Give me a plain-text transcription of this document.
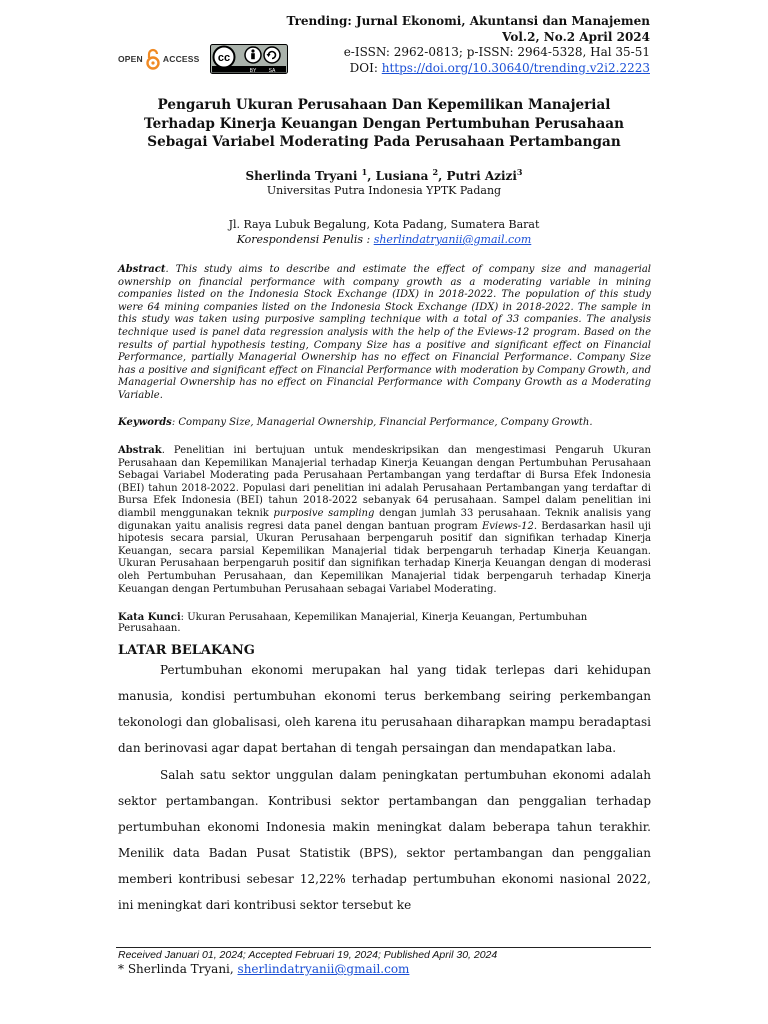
Trending: Jurnal Ekonomi, Akuntansi dan Manajemen
Vol.2, No.2 April 2024
e-ISSN: 2962-0813; p-ISSN: 2964-5328, Hal 35-51
DOI: https://doi.org/10.30640/trending.v2i2.2223
OPEN ACCESS cc
BY SA
Pengaruh Ukuran Perusahaan Dan Kepemilikan Manajerial Terhadap Kinerja Keuangan Dengan Pertumbuhan Perusahaan Sebagai Variabel Moderating Pada Perusahaan Pertambangan
Sherlinda Tryani $^1$, Lusiana $^2$, Putri Azizi$^3$
Universitas Putra Indonesia YPTK Padang
Jl. Raya Lubuk Begalung, Kota Padang, Sumatera Barat
Korespondensi Penulis : sherlindatryanii@gmail.com
Abstract. This study aims to describe and estimate the effect of company size and managerial ownership on financial performance with company growth as a moderating variable in mining companies listed on the Indonesia Stock Exchange (IDX) in 2018-2022. The population of this study were 64 mining companies listed on the Indonesia Stock Exchange (IDX) in 2018-2022. The sample in this study was taken using purposive sampling technique with a total of 33 companies. The analysis technique used is panel data regression analysis with the help of the Eviews-12 program. Based on the results of partial hypothesis testing, Company Size has a positive and significant effect on Financial Performance, partially Managerial Ownership has no effect on Financial Performance. Company Size has a positive and significant effect on Financial Performance with moderation by Company Growth, and Managerial Ownership has no effect on Financial Performance with Company Growth as a Moderating Variable.
Keywords: Company Size, Managerial Ownership, Financial Performance, Company Growth.
Abstrak. Penelitian ini bertujuan untuk mendeskripsikan dan mengestimasi Pengaruh Ukuran Perusahaan dan Kepemilikan Manajerial terhadap Kinerja Keuangan dengan Pertumbuhan Perusahaan Sebagai Variabel Moderating pada Perusahaan Pertambangan yang terdaftar di Bursa Efek Indonesia (BEI) tahun 2018-2022. Populasi dari penelitian ini adalah Perusahaan Pertambangan yang terdaftar di Bursa Efek Indonesia (BEI) tahun 2018-2022 sebanyak 64 perusahaan. Sampel dalam penelitian ini diambil menggunakan teknik purposive sampling dengan jumlah 33 perusahaan. Teknik analisis yang digunakan yaitu analisis regresi data panel dengan bantuan program Eviews-12. Berdasarkan hasil uji hipotesis secara parsial, Ukuran Perusahaan berpengaruh positif dan signifikan terhadap Kinerja Keuangan, secara parsial Kepemilikan Manajerial tidak berpengaruh terhadap Kinerja Keuangan. Ukuran Perusahaan berpengaruh positif dan signifikan terhadap Kinerja Keuangan dengan di moderasi oleh Pertumbuhan Perusahaan, dan Kepemilikan Manajerial tidak berpengaruh terhadap Kinerja Keuangan dengan Pertumbuhan Perusahaan sebagai Variabel Moderating.
Kata Kunci: Ukuran Perusahaan, Kepemilikan Manajerial, Kinerja Keuangan, Pertumbuhan Perusahaan.
LATAR BELAKANG
Pertumbuhan ekonomi merupakan hal yang tidak terlepas dari kehidupan manusia, kondisi pertumbuhan ekonomi terus berkembang seiring perkembangan tekonologi dan globalisasi, oleh karena itu perusahaan diharapkan mampu beradaptasi dan berinovasi agar dapat bertahan di tengah persaingan dan mendapatkan laba.
Salah satu sektor unggulan dalam peningkatan pertumbuhan ekonomi adalah sektor pertambangan. Kontribusi sektor pertambangan dan penggalian terhadap pertumbuhan ekonomi Indonesia makin meningkat dalam beberapa tahun terakhir. Menilik data Badan Pusat Statistik (BPS), sektor pertambangan dan penggalian memberi kontribusi sebesar 12,22% terhadap pertumbuhan ekonomi nasional 2022, ini meningkat dari kontribusi sektor tersebut ke
Received Januari 01, 2024; Accepted Februari 19, 2024; Published April 30, 2024
* Sherlinda Tryani, sherlindatryanii@gmail.com
